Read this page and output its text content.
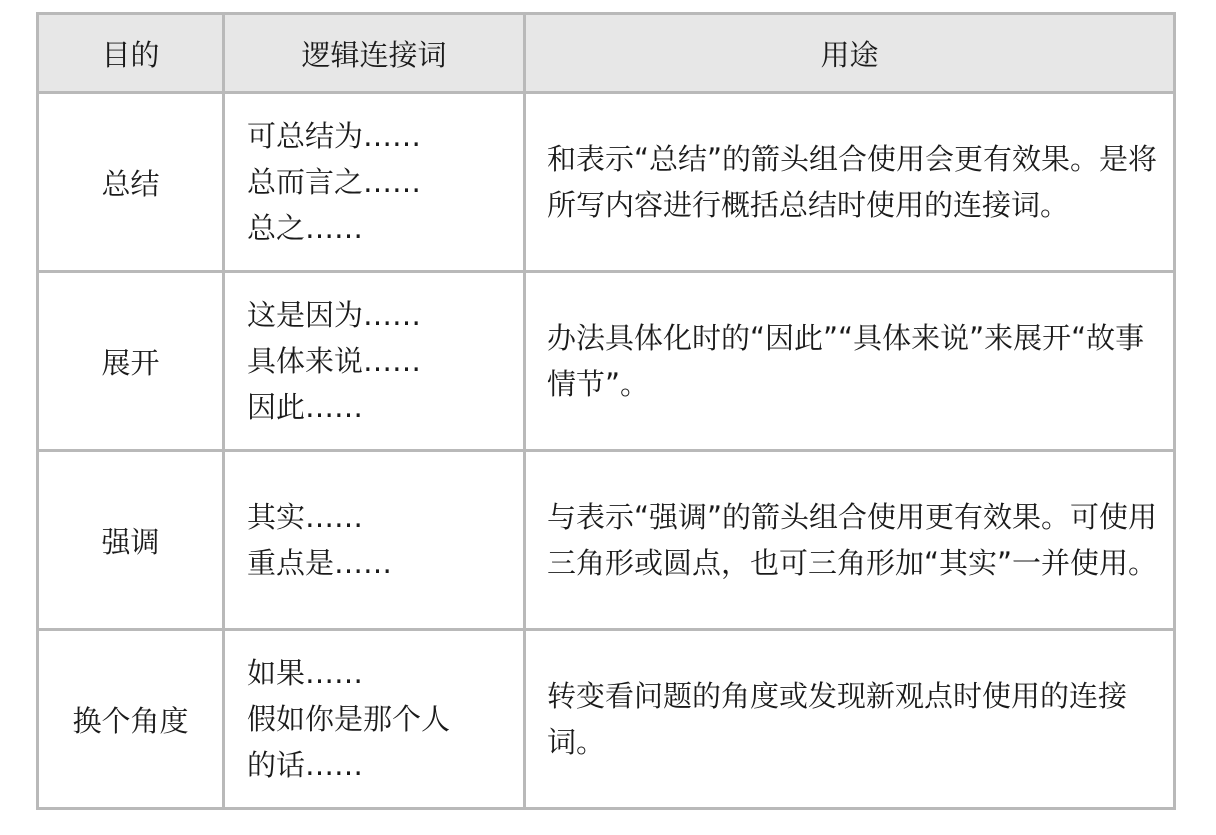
目的	逻辑连接词	用途
总结	可总结为……
总而言之……
总之……	和表示“总结”的箭头组合使用会更有效果。是将所写内容进行概括总结时使用的连接词。

展开	这是因为……
具体来说……
因此……	办法具体化时的“因此”“具体来说”来展开“故事情节”。

强调	其实……
重点是……	与表示“强调”的箭头组合使用更有效果。可使用三角形或圆点，也可三角形加“其实”一并使用。

换个角度	如果……
假如你是那个人
的话……	转变看问题的角度或发现新观点时使用的连接词。
